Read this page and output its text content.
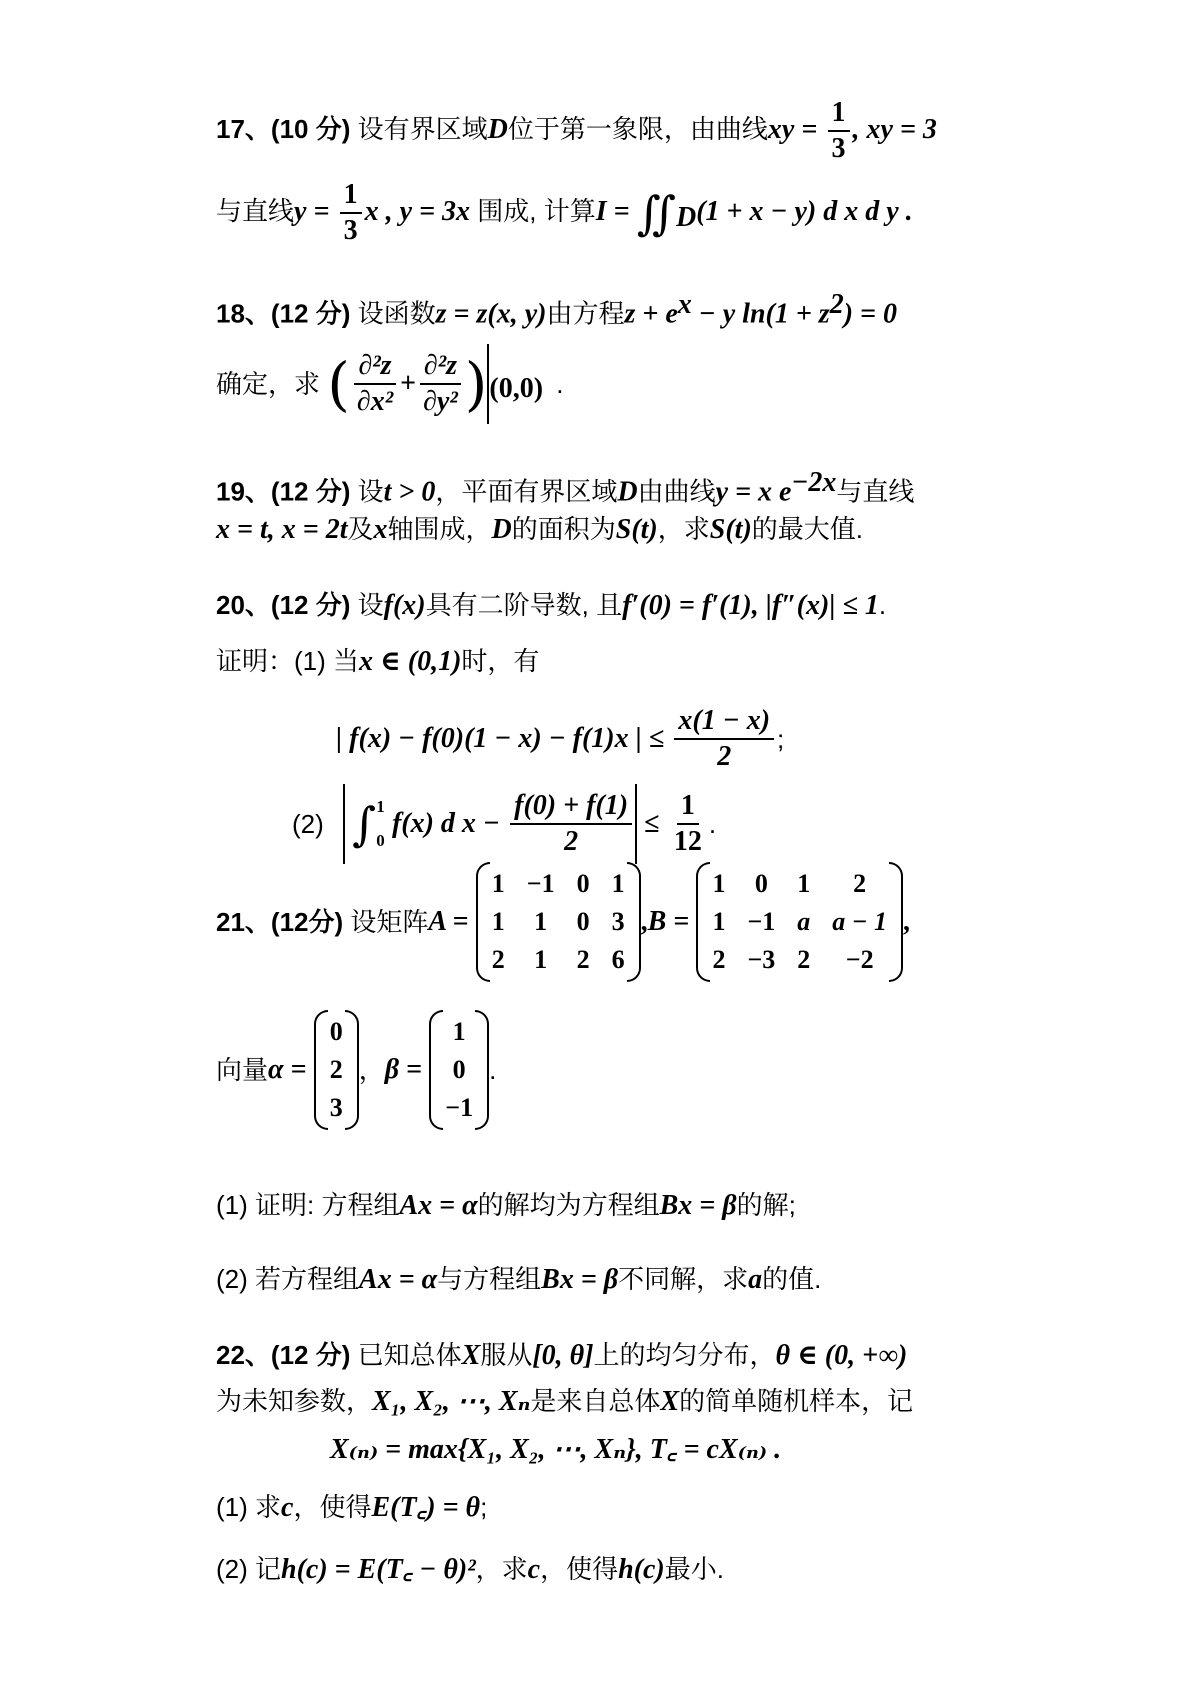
17、(10 分) 设有界区域D位于第一象限，由曲线xy = $\frac{1}{3}$ , xy = 3
与直线$y = \frac{1}{3}$ x , y = 3x 围成, 计算$I = ∬_D(1 + x - y)$ d x d y .
18、(12 分) 设函数z = z(x, y)由方程$z + e^x - y$ $\ln(1 + z^2) = 0$
确定，求 ( $\frac{\text{∂²z}}{\text{∂x²}} + \frac{\text{∂²z}}{\text{∂y²}} )_{(0,0)}$ .
19、(12 分) 设t > 0，平面有界区域D由曲线y = x $e^{-2x}$与直线
x = t, x = 2t及x轴围成，D的面积为S(t)，求S(t)的最大值.
20、(12 分) 设f(x)具有二阶导数, 且f′(0) = f′(1), |f″(x)| ≤ 1.
证明：(1) 当x ∈ (0,1)时，有
| f(x) − f(0)(1 − x) − f(1)x | ≤ $\frac{x(1 - x)}{2}$ ;
(2) ∫ 1
0
f(x) d $x - \frac{f(0) + f(1)}{2} \le \frac{1}{12}$ .
21、(12分) 设矩阵A =
1 −1 0 1
1 1 0 3
2 1 2 6
,B =
1 0 1	2
1 −1 a a − 1
2 −3 2	−2
,
向量α =
0
2
3
，β =
1
0
−1
.
(1) 证明: 方程组Ax = α的解均为方程组Bx = β的解;
(2) 若方程组Ax = α与方程组Bx = β不同解，求a的值.
22、(12 分) 已知总体X服从[0, θ]上的均匀分布，θ ∈ (0, +∞)
为未知参数，X₁, X₂, ⋯, Xₙ是来自总体X的简单随机样本，记
X₍ₙ₎ = max{X₁, X₂, ⋯, Xₙ}, T꜀ = cX₍ₙ₎ .
(1) 求c，使得E(T꜀) = θ;
(2) 记h(c) = E(T꜀ − θ)²，求c，使得h(c)最小.
